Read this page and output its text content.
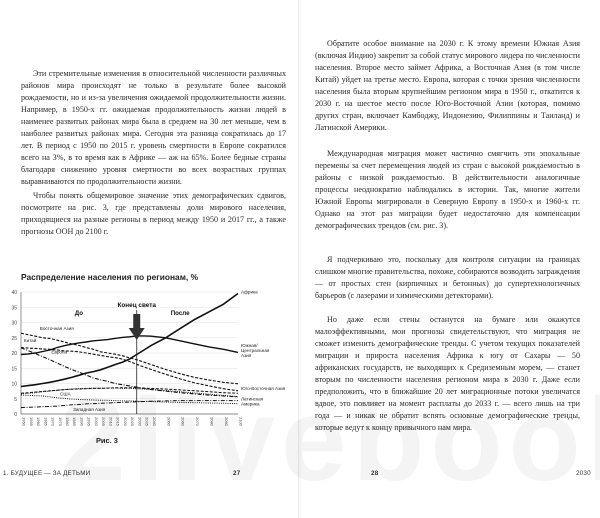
Эти стремительные изменения в относительной численности различных районов мира происходят не только в результате более высокой рождаемости, но и из-за увеличения ожидаемой продолжительности жизни. Например, в 1950-х гг. ожидаемая продолжительность жизни людей в наименее развитых районах мира была в среднем на 30 лет меньше, чем в наиболее развитых районах мира. Сегодня эта разница сократилась до 17 лет. В период с 1950 по 2015 г. уровень смертности в Европе сократился всего на 3%, в то время как в Африке — аж на 65%. Более бедные страны благодаря снижению уровня смертности во всех возрастных группах выравниваются по продолжительности жизни.

Чтобы понять общемировое значение этих демографических сдвигов, посмотрите на рис. 3, где представлены доли мирового населения, приходящиеся на разные регионы в период между 1950 и 2017 гг., а также прогнозы ООН до 2100 г.

Распределение населения по регионам, %
0
5
10
15
20
25
30
35
40
1950 1955 1960 1965 1970 1975 1980 1985 1990 1995 2000 2005 2010 2015 2020 2025 2030 2035 2040 2050 2060 2070 2080 2090 2100
Конец света
До	После
Африка
Южная/ Центральная Азия
Восточная Азия
Китай
Европа
Юго-Восточная Азия
Латинская Америка
США
Западная Азия
Рис. 3
1. БУДУЩЕЕ — ЗА ДЕТЬМИ	27

Обратите особое внимание на 2030 г. К этому времени Южная Азия (включая Индию) закрепит за собой статус мирового лидера по численности населения. Второе место займет Африка, а Восточная Азия (в том числе Китай) уйдет на третье место. Европа, которая с точки зрения численности населения была вторым крупнейшим регионом мира в 1950 г., откатится к 2030 г. на шестое место после Юго-Восточной Азии (которая, помимо других стран, включает Камбоджу, Индонезию, Филиппины и Таиланд) и Латинской Америки.

Международная миграция может частично смягчить эти эпохальные перемены за счет перемещения людей из стран с высокой рождаемостью в районы с низкой рождаемостью. В действительности аналогичные процессы неоднократно наблюдались в истории. Так, многие жители Южной Европы мигрировали в Северную Европу в 1950-х и 1960-х гг. Однако на этот раз миграции будет недостаточно для компенсации демографических трендов (см. рис. 3).

Я подчеркиваю это, поскольку для контроля ситуации на границах слишком многие правительства, похоже, собираются возводить заграждения — от простых стен (кирпичных и бетонных) до супертехнологичных барьеров (с лазерами и химическими детекторами).

Но даже если стены останутся на бумаге или окажутся малоэффективными, мои прогнозы свидетельствуют, что миграция не сможет изменить демографические тренды. С учетом текущих показателей миграции и прироста населения Африка к югу от Сахары — 50 африканских государств, не выходящих к Средиземным морем, — станет вторым по численности населения регионом мира в 2030 г. Даже если предположить, что в ближайшие 20 лет миграционные потоки увеличатся вдвое, это повлияет на момент расплаты до 2033 г. — всего лишь на три года — и никак не обратит вспять основные демографические тренды, которые ведут к концу привычного нам мира.

28	2030
